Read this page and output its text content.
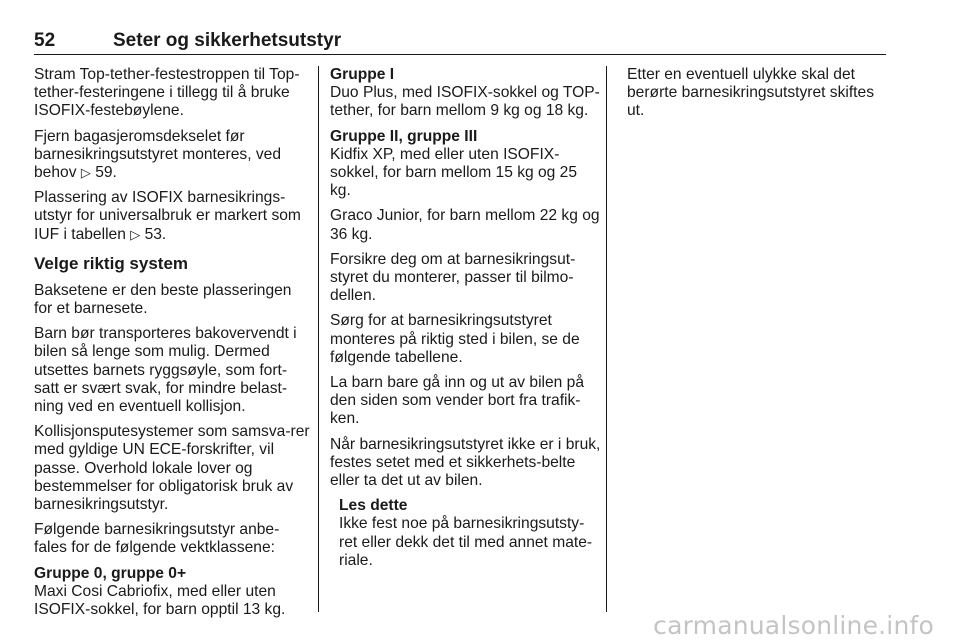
52	Seter og sikkerhetsutstyr

Stram Top-tether-festestroppen til Top-tether-festeringene i tillegg til å bruke ISOFIX-festebøylene.

Fjern bagasjeromsdekselet før barnesikringsutstyret monteres, ved behov ▷ 59.

Plassering av ISOFIX barnesikrings-utstyr for universalbruk er markert som IUF i tabellen ▷ 53.

Velge riktig system

Baksetene er den beste plasseringen for et barnesete.

Barn bør transporteres bakovervendt i bilen så lenge som mulig. Dermed utsettes barnets ryggsøyle, som fort-satt er svært svak, for mindre belast-ning ved en eventuell kollisjon.

Kollisjonsputesystemer som samsva-rer med gyldige UN ECE-forskrifter, vil passe. Overhold lokale lover og bestemmelser for obligatorisk bruk av barnesikringsutstyr.

Følgende barnesikringsutstyr anbe-fales for de følgende vektklassene:

Gruppe 0, gruppe 0+

Maxi Cosi Cabriofix, med eller uten ISOFIX-sokkel, for barn opptil 13 kg.

Gruppe I

Duo Plus, med ISOFIX-sokkel og TOP-tether, for barn mellom 9 kg og 18 kg.

Gruppe II, gruppe III

Kidfix XP, med eller uten ISOFIX-sokkel, for barn mellom 15 kg og 25 kg.

Graco Junior, for barn mellom 22 kg og 36 kg.

Forsikre deg om at barnesikringsut-styret du monterer, passer til bilmo-dellen.

Sørg for at barnesikringsutstyret monteres på riktig sted i bilen, se de følgende tabellene.

La barn bare gå inn og ut av bilen på den siden som vender bort fra trafik-ken.

Når barnesikringsutstyret ikke er i bruk, festes setet med et sikkerhets-belte eller ta det ut av bilen.

Les dette

Ikke fest noe på barnesikringsutsty-ret eller dekk det til med annet mate-riale.

Etter en eventuell ulykke skal det berørte barnesikringsutstyret skiftes ut.

carmanualsonline.info
